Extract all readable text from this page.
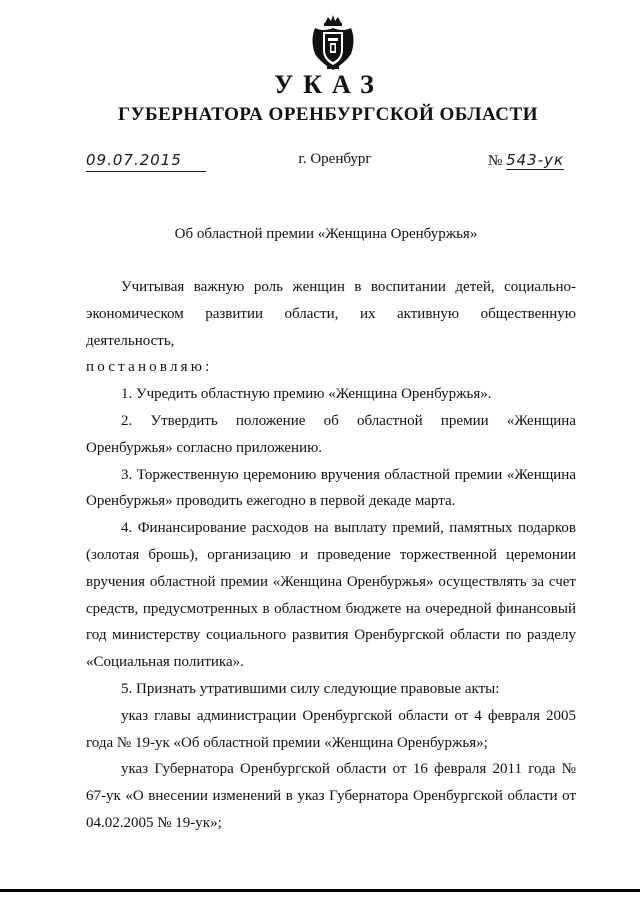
УКАЗ
ГУБЕРНАТОРА ОРЕНБУРГСКОЙ ОБЛАСТИ
09.07.2015	г. Оренбург	№ 543-ук
Об областной премии «Женщина Оренбуржья»

Учитывая важную роль женщин в воспитании детей, социально-экономическом развитии области, их активную общественную деятельность,

постановляю:

1. Учредить областную премию «Женщина Оренбуржья».

2. Утвердить положение об областной премии «Женщина Оренбуржья» согласно приложению.

3. Торжественную церемонию вручения областной премии «Женщина Оренбуржья» проводить ежегодно в первой декаде марта.

4. Финансирование расходов на выплату премий, памятных подарков (золотая брошь), организацию и проведение торжественной церемонии вручения областной премии «Женщина Оренбуржья» осуществлять за счет средств, предусмотренных в областном бюджете на очередной финансовый год министерству социального развития Оренбургской области по разделу «Социальная политика».

5. Признать утратившими силу следующие правовые акты:

указ главы администрации Оренбургской области от 4 февраля 2005 года № 19-ук «Об областной премии «Женщина Оренбуржья»;

указ Губернатора Оренбургской области от 16 февраля 2011 года № 67-ук «О внесении изменений в указ Губернатора Оренбургской области от 04.02.2005 № 19-ук»;
